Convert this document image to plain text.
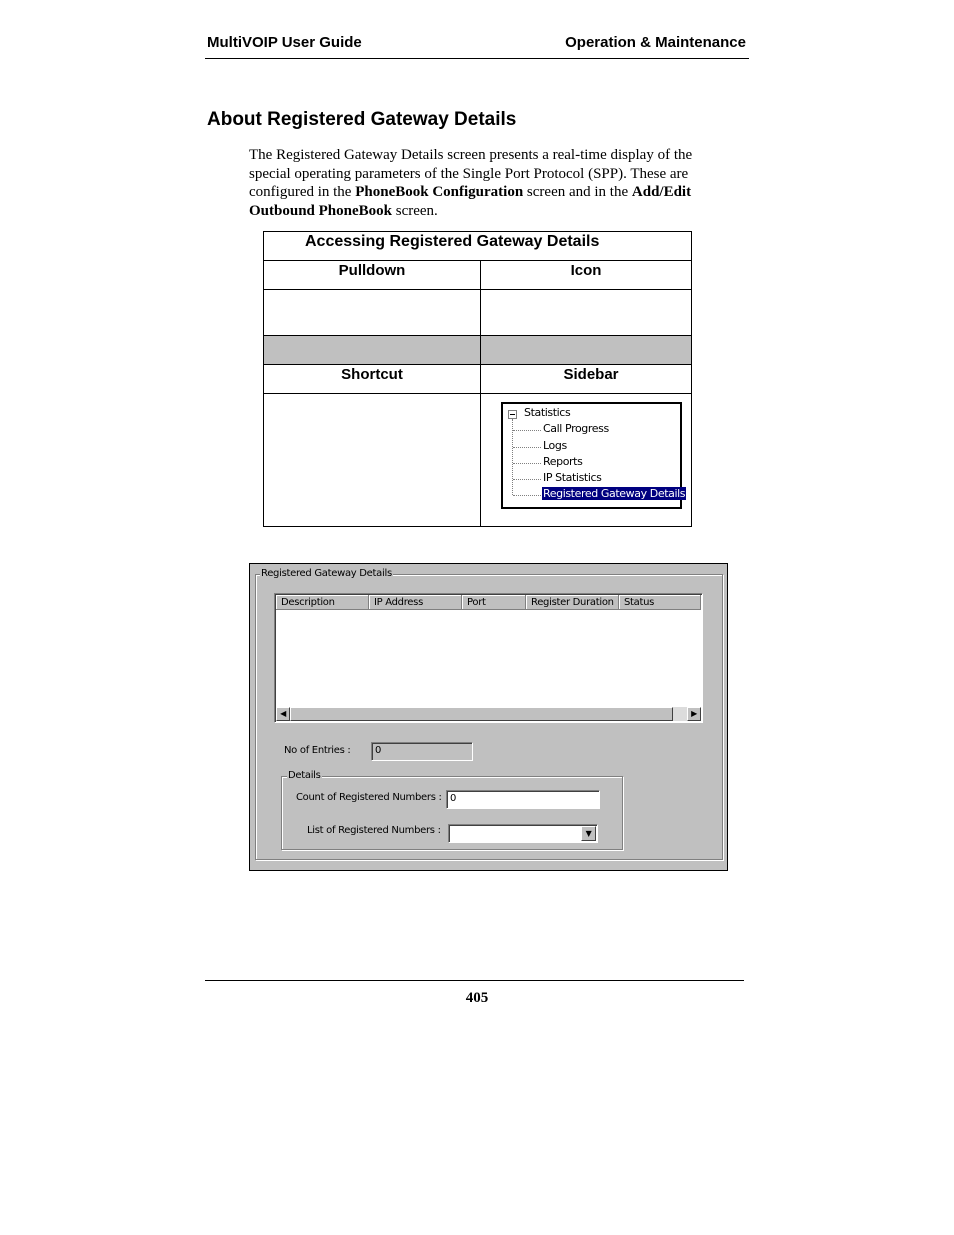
MultiVOIP User Guide	Operation & Maintenance
About Registered Gateway Details
The Registered Gateway Details screen presents a real-time display of the special operating parameters of the Single Port Protocol (SPP). These are configured in the PhoneBook Configuration screen and in the Add/Edit Outbound PhoneBook screen.
Accessing Registered Gateway Details	
Pulldown	Icon

Shortcut	Sidebar

Statistics
Call Progress
Logs
Reports
IP Statistics
Registered Gateway Details
Registered Gateway Details
Description	IP Address	Port	Register Duration	Status
◀	▶
No of Entries :	0
Details
Count of Registered Numbers : 0
List of Registered Numbers :	▼
405
